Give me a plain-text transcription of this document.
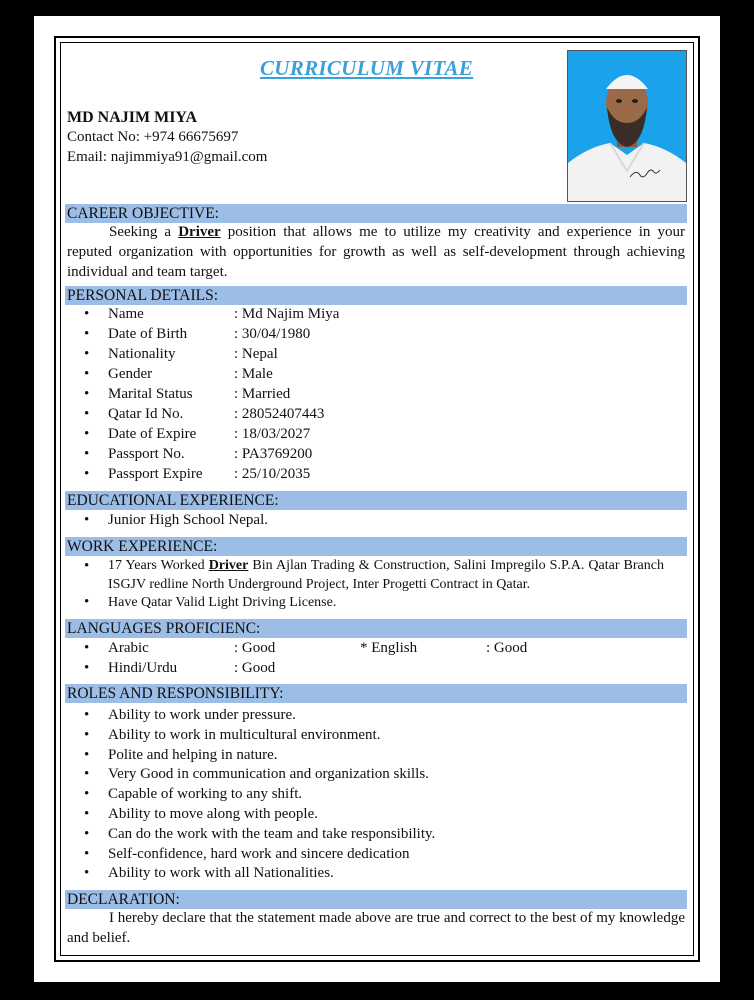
CURRICULUM VITAE
MD NAJIM MIYA
Contact No: +974 66675697
Email: najimmiya91@gmail.com
CAREER OBJECTIVE:
Seeking a Driver position that allows me to utilize my creativity and experience in your reputed organization with opportunities for growth as well as self-development through achieving individual and team target.
PERSONAL DETAILS:
EDUCATIONAL EXPERIENCE:
• Junior High School Nepal.
WORK EXPERIENCE:
• 17 Years Worked Driver Bin Ajlan Trading & Construction, Salini Impregilo S.P.A. Qatar Branch ISGJV redline North Underground Project, Inter Progetti Contract in Qatar.
• Have Qatar Valid Light Driving License.
LANGUAGES PROFICIENC:
• Arabic	: Good	* English	: Good
• Hindi/Urdu	: Good
ROLES AND RESPONSIBILITY:
DECLARATION:
I hereby declare that the statement made above are true and correct to the best of my knowledge and belief.
• Name	: Md Najim Miya
• Date of Birth	: 30/04/1980
• Nationality	: Nepal
• Gender	: Male
• Marital Status	: Married
• Qatar Id No.	: 28052407443
• Date of Expire	: 18/03/2027
• Passport No.	: PA3769200
• Passport Expire : 25/10/2035
• Ability to work under pressure.
• Ability to work in multicultural environment.
• Polite and helping in nature.
• Very Good in communication and organization skills.
• Capable of working to any shift.
• Ability to move along with people.
• Can do the work with the team and take responsibility.
• Self-confidence, hard work and sincere dedication
• Ability to work with all Nationalities.
